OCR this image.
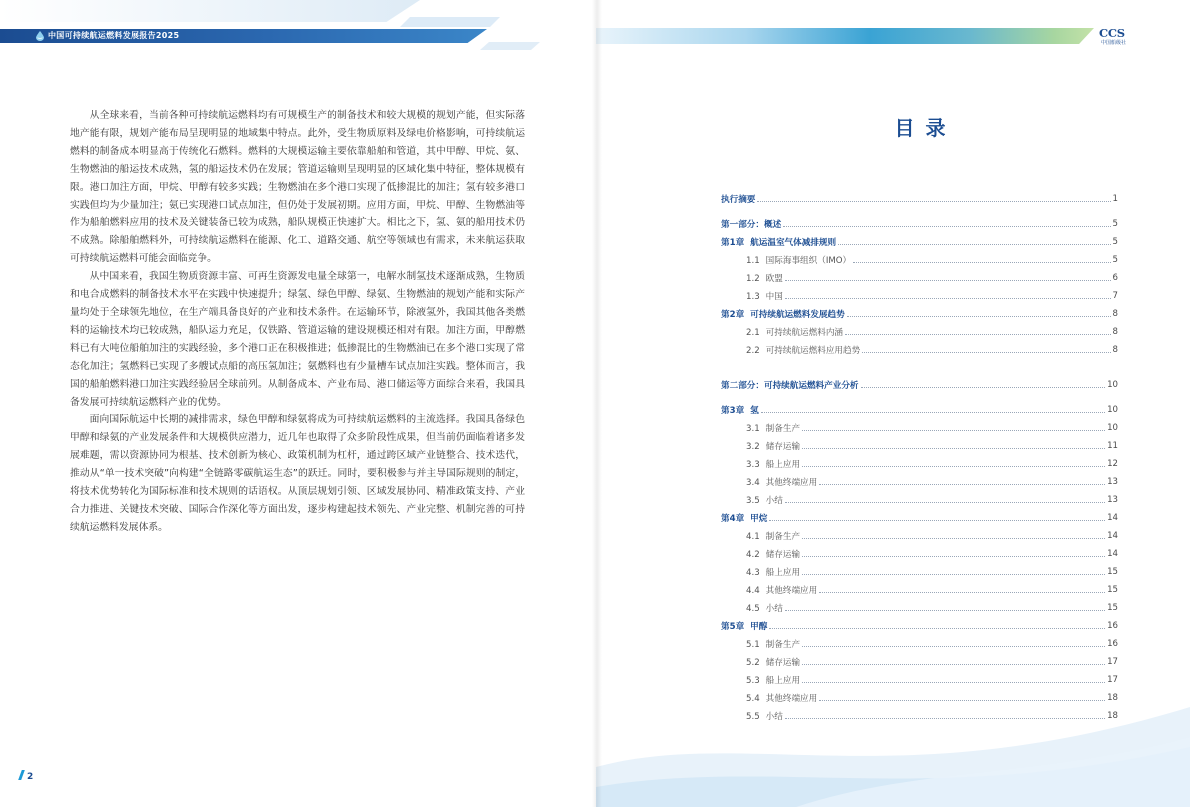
中国可持续航运燃料发展报告2025

从全球来看，当前各种可持续航运燃料均有可规模生产的制备技术和较大规模的规划产能，但实际落地产能有限，规划产能布局呈现明显的地域集中特点。此外，受生物质原料及绿电价格影响，可持续航运燃料的制备成本明显高于传统化石燃料。燃料的大规模运输主要依靠船舶和管道，其中甲醇、甲烷、氨、生物燃油的船运技术成熟，氢的船运技术仍在发展；管道运输则呈现明显的区域化集中特征，整体规模有限。港口加注方面，甲烷、甲醇有较多实践；生物燃油在多个港口实现了低掺混比的加注；氢有较多港口实践但均为少量加注；氨已实现港口试点加注，但仍处于发展初期。应用方面，甲烷、甲醇、生物燃油等作为船舶燃料应用的技术及关键装备已较为成熟，船队规模正快速扩大。相比之下，氢、氨的船用技术仍不成熟。除船舶燃料外，可持续航运燃料在能源、化工、道路交通、航空等领域也有需求，未来航运获取可持续航运燃料可能会面临竞争。

从中国来看，我国生物质资源丰富、可再生资源发电量全球第一，电解水制氢技术逐渐成熟，生物质和电合成燃料的制备技术水平在实践中快速提升；绿氢、绿色甲醇、绿氨、生物燃油的规划产能和实际产量均处于全球领先地位，在生产端具备良好的产业和技术条件。在运输环节，除液氢外，我国其他各类燃料的运输技术均已较成熟，船队运力充足，仅铁路、管道运输的建设规模还相对有限。加注方面，甲醇燃料已有大吨位船舶加注的实践经验，多个港口正在积极推进；低掺混比的生物燃油已在多个港口实现了常态化加注；氢燃料已实现了多艘试点船的高压氢加注；氨燃料也有少量槽车试点加注实践。整体而言，我国的船舶燃料港口加注实践经验居全球前列。从制备成本、产业布局、港口储运等方面综合来看，我国具备发展可持续航运燃料产业的优势。

面向国际航运中长期的减排需求，绿色甲醇和绿氨将成为可持续航运燃料的主流选择。我国具备绿色甲醇和绿氨的产业发展条件和大规模供应潜力，近几年也取得了众多阶段性成果，但当前仍面临着诸多发展难题，需以资源协同为根基、技术创新为核心、政策机制为杠杆，通过跨区域产业链整合、技术迭代，推动从“单一技术突破”向构建“全链路零碳航运生态”的跃迁。同时，要积极参与并主导国际规则的制定，将技术优势转化为国际标准和技术规则的话语权。从顶层规划引领、区域发展协同、精准政策支持、产业合力推进、关键技术突破、国际合作深化等方面出发，逐步构建起技术领先、产业完整、机制完善的可持续航运燃料发展体系。

2
CCS
中国船级社
目 录
执行摘要	1
第一部分：概述	5
第1章 航运温室气体减排规则	5
1.1 国际海事组织（IMO）	5
1.2 欧盟	6
1.3 中国	7
第2章 可持续航运燃料发展趋势	8
2.1 可持续航运燃料内涵	8
2.2 可持续航运燃料应用趋势	8
第二部分：可持续航运燃料产业分析	10
第3章 氢	10
3.1 制备生产	10
3.2 储存运输	11
3.3 船上应用	12
3.4 其他终端应用	13
3.5 小结	13
第4章 甲烷	14
4.1 制备生产	14
4.2 储存运输	14
4.3 船上应用	15
4.4 其他终端应用	15
4.5 小结	15
第5章 甲醇	16
5.1 制备生产	16
5.2 储存运输	17
5.3 船上应用	17
5.4 其他终端应用	18
5.5 小结	18
